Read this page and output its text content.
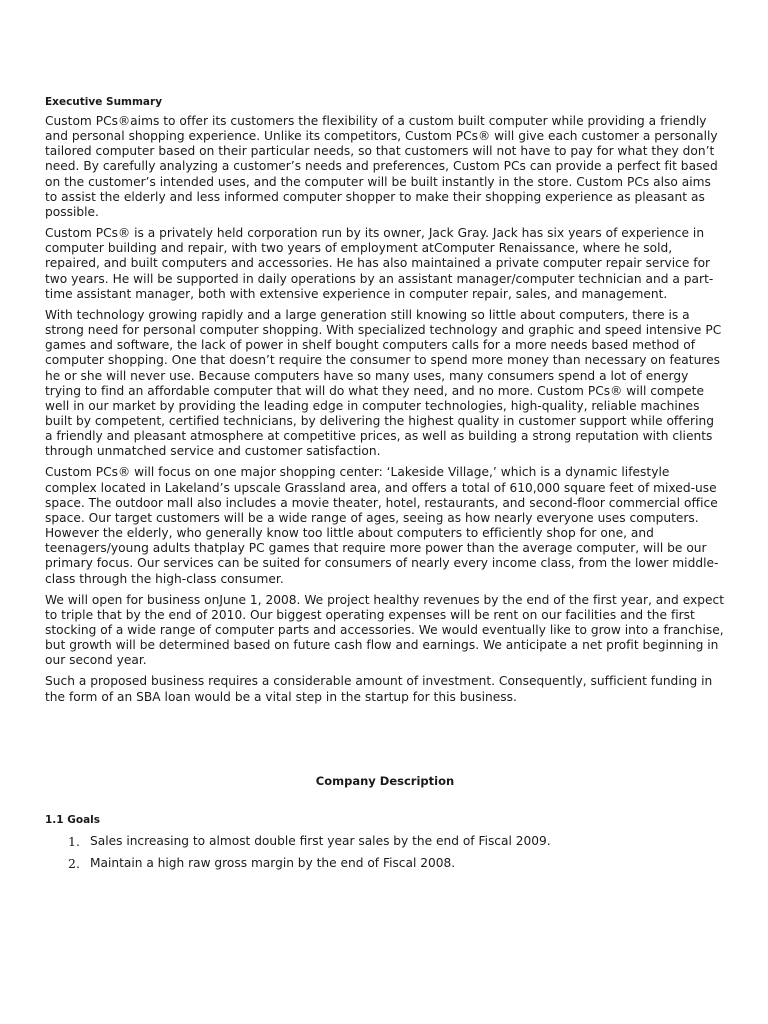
Executive Summary

Custom PCs®aims to offer its customers the flexibility of a custom built computer while providing a friendly and personal shopping experience. Unlike its competitors, Custom PCs® will give each customer a personally tailored computer based on their particular needs, so that customers will not have to pay for what they don’t need. By carefully analyzing a customer’s needs and preferences, Custom PCs can provide a perfect fit based on the customer’s intended uses, and the computer will be built instantly in the store. Custom PCs also aims to assist the elderly and less informed computer shopper to make their shopping experience as pleasant as possible.

Custom PCs® is a privately held corporation run by its owner, Jack Gray. Jack has six years of experience in computer building and repair, with two years of employment atComputer Renaissance, where he sold, repaired, and built computers and accessories. He has also maintained a private computer repair service for two years. He will be supported in daily operations by an assistant manager/computer technician and a part-time assistant manager, both with extensive experience in computer repair, sales, and management.

With technology growing rapidly and a large generation still knowing so little about computers, there is a strong need for personal computer shopping. With specialized technology and graphic and speed intensive PC games and software, the lack of power in shelf bought computers calls for a more needs based method of computer shopping. One that doesn’t require the consumer to spend more money than necessary on features he or she will never use. Because computers have so many uses, many consumers spend a lot of energy trying to find an affordable computer that will do what they need, and no more. Custom PCs® will compete well in our market by providing the leading edge in computer technologies, high-quality, reliable machines built by competent, certified technicians, by delivering the highest quality in customer support while offering a friendly and pleasant atmosphere at competitive prices, as well as building a strong reputation with clients through unmatched service and customer satisfaction.

Custom PCs® will focus on one major shopping center: ‘Lakeside Village,’ which is a dynamic lifestyle complex located in Lakeland’s upscale Grassland area, and offers a total of 610,000 square feet of mixed-use space. The outdoor mall also includes a movie theater, hotel, restaurants, and second-floor commercial office space. Our target customers will be a wide range of ages, seeing as how nearly everyone uses computers. However the elderly, who generally know too little about computers to efficiently shop for one, and teenagers/young adults thatplay PC games that require more power than the average computer, will be our primary focus. Our services can be suited for consumers of nearly every income class, from the lower middle-class through the high-class consumer.

We will open for business onJune 1, 2008. We project healthy revenues by the end of the first year, and expect to triple that by the end of 2010. Our biggest operating expenses will be rent on our facilities and the first stocking of a wide range of computer parts and accessories. We would eventually like to grow into a franchise, but growth will be determined based on future cash flow and earnings. We anticipate a net profit beginning in our second year.

Such a proposed business requires a considerable amount of investment. Consequently, sufficient funding in the form of an SBA loan would be a vital step in the startup for this business.

Company Description
1.1 Goals
1. Sales increasing to almost double first year sales by the end of Fiscal 2009.
2. Maintain a high raw gross margin by the end of Fiscal 2008.
